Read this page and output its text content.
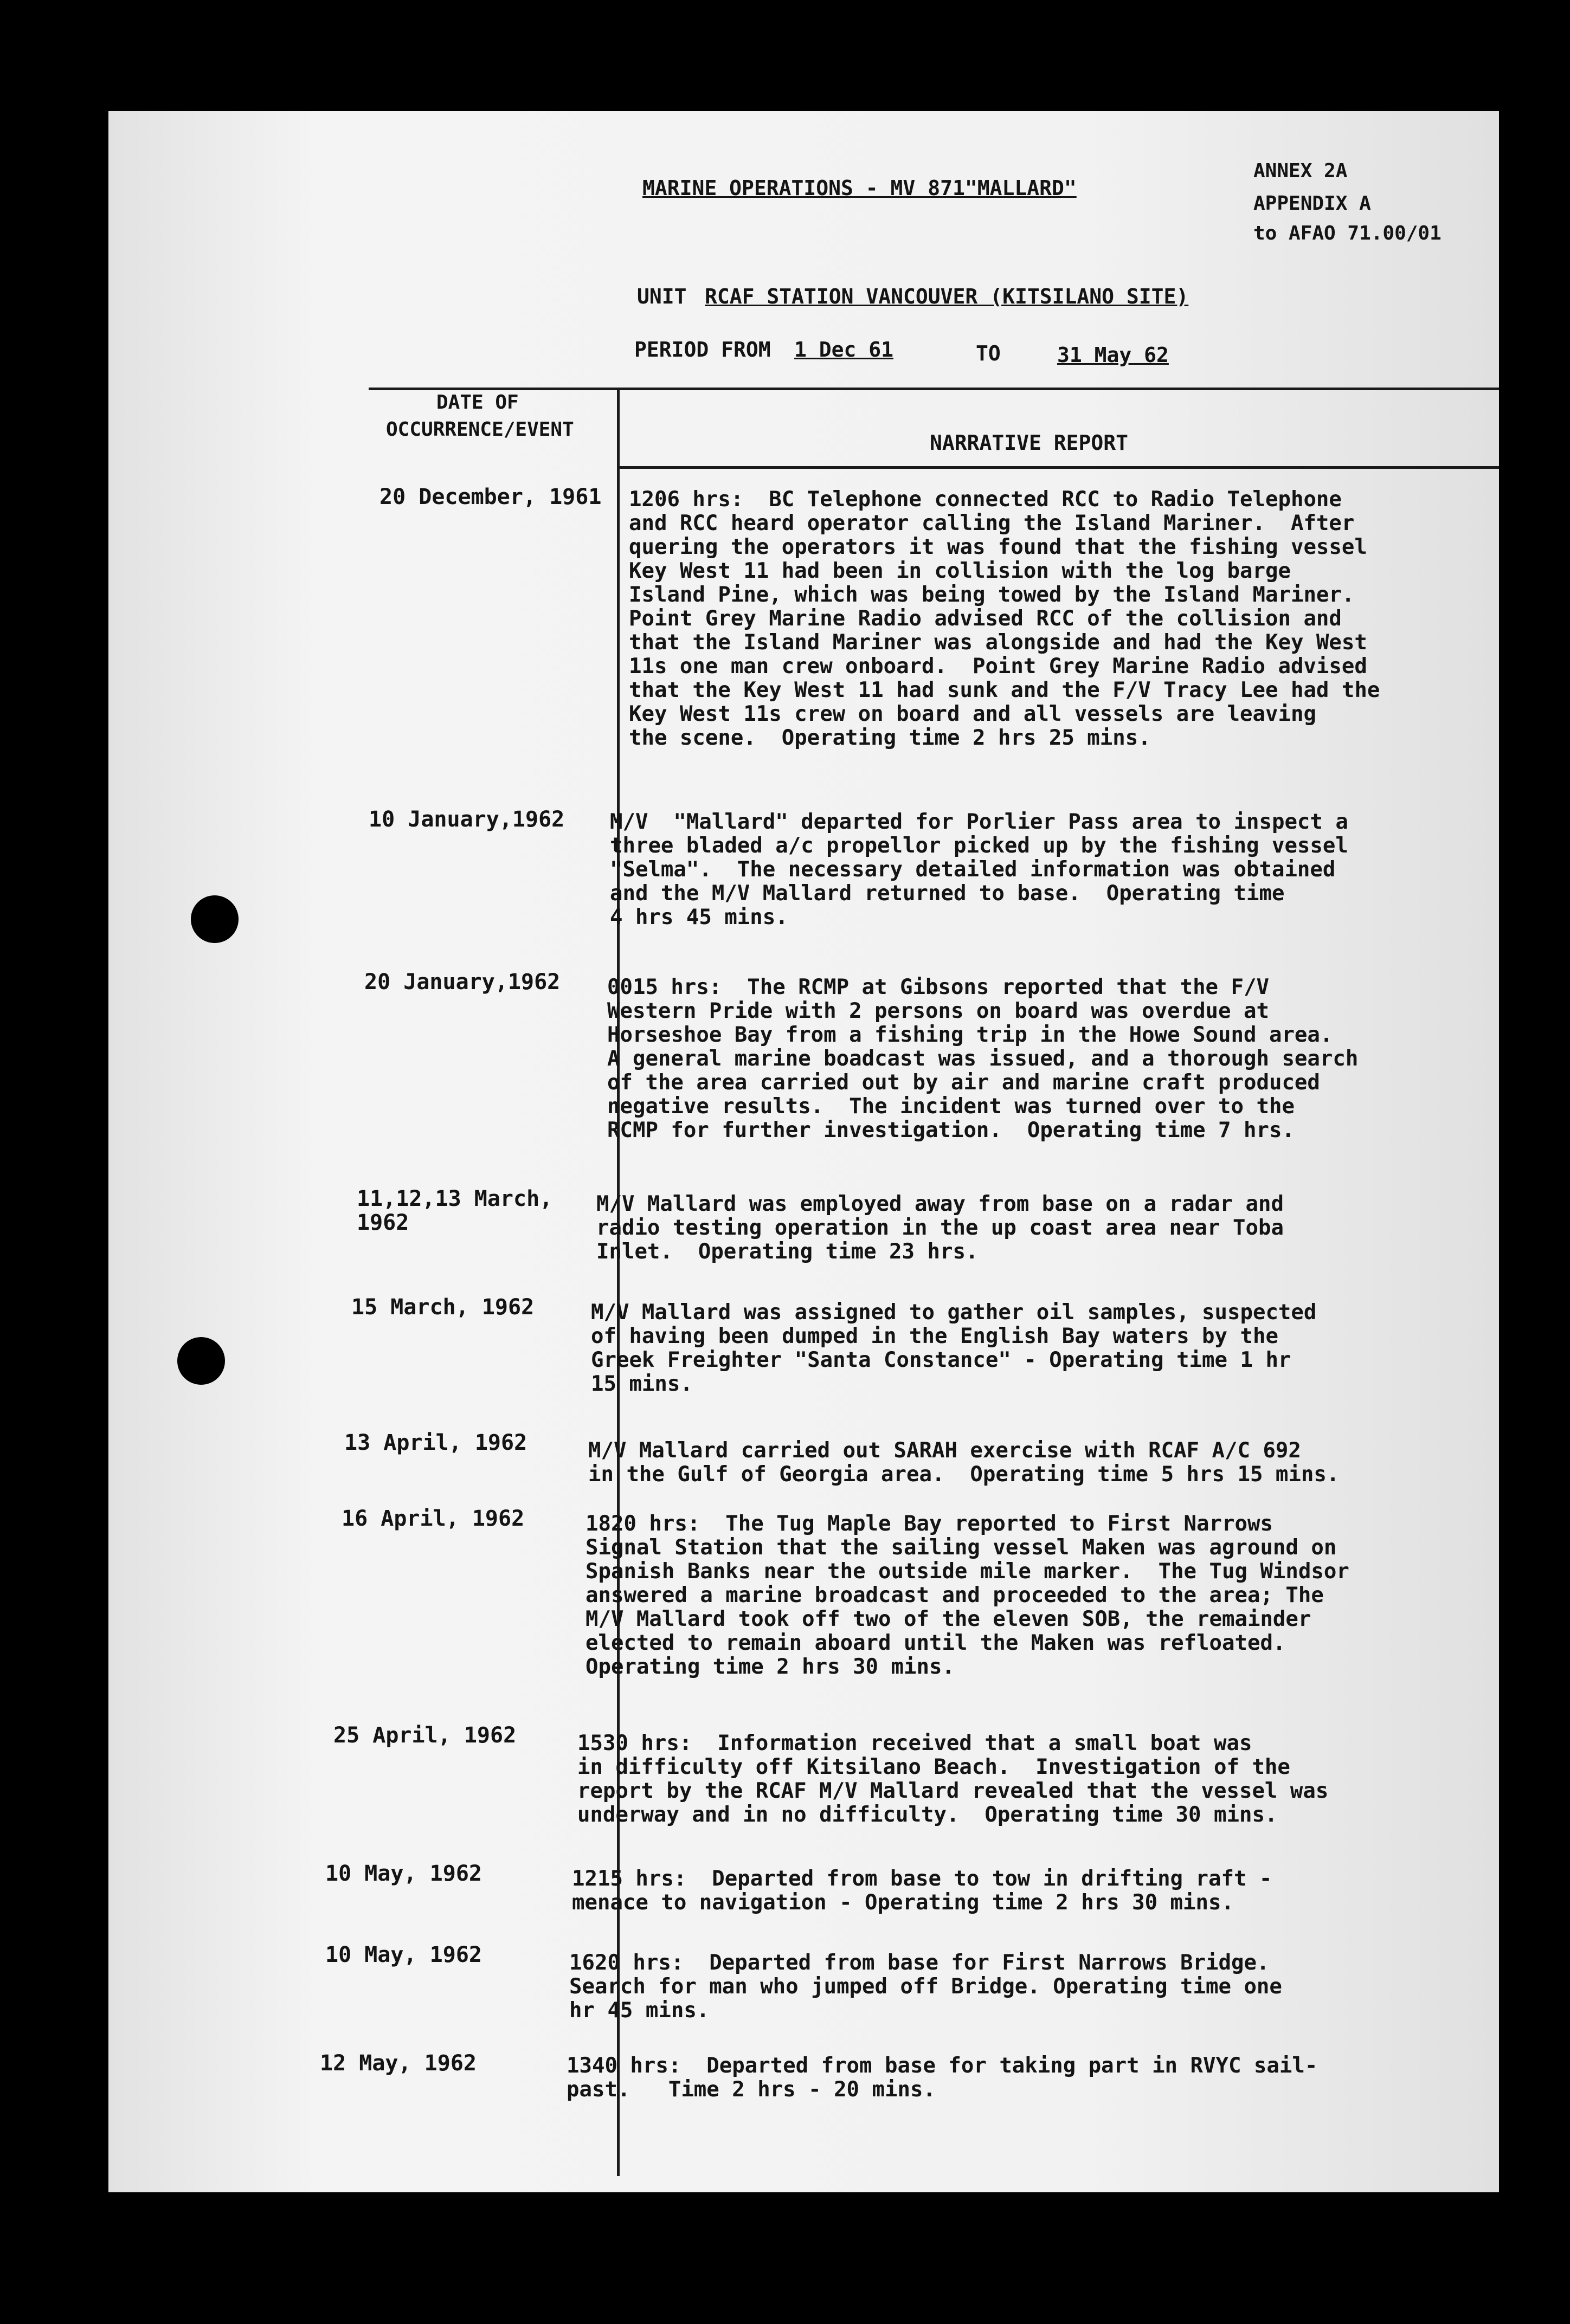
ANNEX 2A
APPENDIX A
to AFAO 71.00/01
MARINE OPERATIONS - MV 871"MALLARD"
UNIT RCAF STATION VANCOUVER (KITSILANO SITE)
PERIOD FROM 1 Dec 61	TO	31 May 62
DATE OF
OCCURRENCE/EVENT
NARRATIVE REPORT
20 December, 1961 1206 hrs:  BC Telephone connected RCC to Radio Telephone
and RCC heard operator calling the Island Mariner.  After
quering the operators it was found that the fishing vessel
Key West 11 had been in collision with the log barge
Island Pine, which was being towed by the Island Mariner.
Point Grey Marine Radio advised RCC of the collision and
that the Island Mariner was alongside and had the Key West
11s one man crew onboard.  Point Grey Marine Radio advised
that the Key West 11 had sunk and the F/V Tracy Lee had the
Key West 11s crew on board and all vessels are leaving
the scene.  Operating time 2 hrs 25 mins.
10 January,1962 M/V  "Mallard" departed for Porlier Pass area to inspect a
three bladed a/c propellor picked up by the fishing vessel
"Selma".  The necessary detailed information was obtained
and the M/V Mallard returned to base.  Operating time
4 hrs 45 mins.
20 January,1962 0015 hrs:  The RCMP at Gibsons reported that the F/V
Western Pride with 2 persons on board was overdue at
Horseshoe Bay from a fishing trip in the Howe Sound area.
A general marine boadcast was issued, and a thorough search
of the area carried out by air and marine craft produced
negative results.  The incident was turned over to the
RCMP for further investigation.  Operating time 7 hrs.
11,12,13 March,
1962
M/V Mallard was employed away from base on a radar and
radio testing operation in the up coast area near Toba
Inlet.  Operating time 23 hrs.
15 March, 1962	M/V Mallard was assigned to gather oil samples, suspected
of having been dumped in the English Bay waters by the
Greek Freighter "Santa Constance" - Operating time 1 hr
15 mins.
13 April, 1962	M/V Mallard carried out SARAH exercise with RCAF A/C 692
in the Gulf of Georgia area.  Operating time 5 hrs 15 mins.
16 April, 1962	1820 hrs:  The Tug Maple Bay reported to First Narrows
Signal Station that the sailing vessel Maken was aground on
Spanish Banks near the outside mile marker.  The Tug Windsor
answered a marine broadcast and proceeded to the area; The
M/V Mallard took off two of the eleven SOB, the remainder
elected to remain aboard until the Maken was refloated.
Operating time 2 hrs 30 mins.
25 April, 1962	1530 hrs:  Information received that a small boat was
in difficulty off Kitsilano Beach.  Investigation of the
report by the RCAF M/V Mallard revealed that the vessel was
underway and in no difficulty.  Operating time 30 mins.
10 May, 1962	1215 hrs:  Departed from base to tow in drifting raft -
menace to navigation - Operating time 2 hrs 30 mins.
10 May, 1962	1620 hrs:  Departed from base for First Narrows Bridge.
Search for man who jumped off Bridge. Operating time one
hr 45 mins.
12 May, 1962	1340 hrs:  Departed from base for taking part in RVYC sail-
past.   Time 2 hrs - 20 mins.
